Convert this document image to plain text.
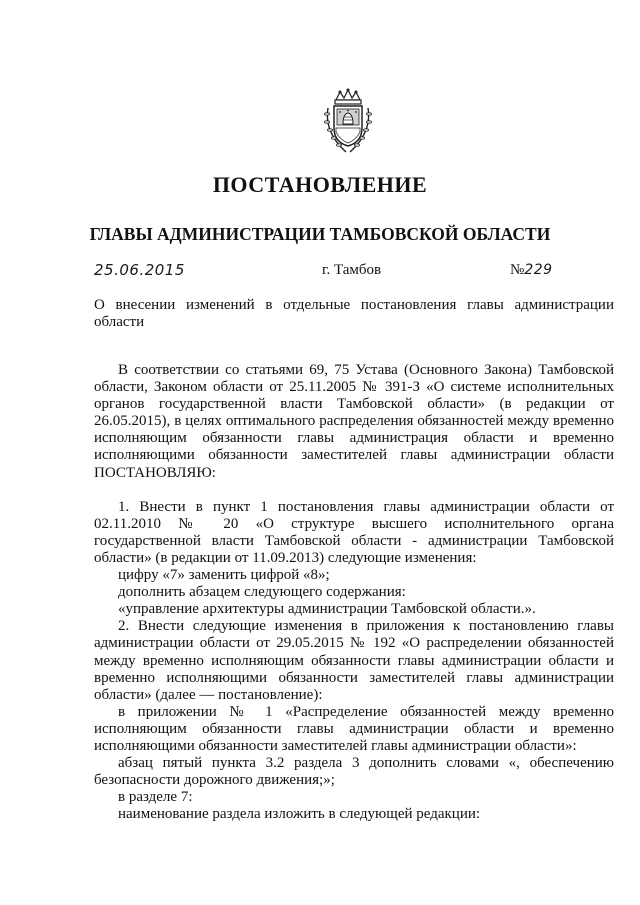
ПОСТАНОВЛЕНИЕ
ГЛАВЫ АДМИНИСТРАЦИИ ТАМБОВСКОЙ ОБЛАСТИ
25.06.2015	г. Тамбов	№229
О внесении изменений в отдельные постановления главы администрации области

В соответствии со статьями 69, 75 Устава (Основного Закона) Тамбовской области, Законом области от 25.11.2005 № 391-З «О системе исполнительных органов государственной власти Тамбовской области» (в редакции от 26.05.2015), в целях оптимального распределения обязанностей между временно исполняющим обязанности главы администрация области и временно исполняющими обязанности заместителей главы администрации области ПОСТАНОВЛЯЮ:

1. Внести в пункт 1 постановления главы администрации области от 02.11.2010 № 20 «О структуре высшего исполнительного органа государственной власти Тамбовской области - администрации Тамбовской области» (в редакции от 11.09.2013) следующие изменения:

цифру «7» заменить цифрой «8»;

дополнить абзацем следующего содержания:

«управление архитектуры администрации Тамбовской области.».

2. Внести следующие изменения в приложения к постановлению главы администрации области от 29.05.2015 № 192 «О распределении обязанностей между временно исполняющим обязанности главы администрации области и временно исполняющими обязанности заместителей главы администрации области» (далее — постановление):

в приложении № 1 «Распределение обязанностей между временно исполняющим обязанности главы администрации области и временно исполняющими обязанности заместителей главы администрации области»:

абзац пятый пункта 3.2 раздела 3 дополнить словами «, обеспечению безопасности дорожного движения;»;

в разделе 7:

наименование раздела изложить в следующей редакции:
